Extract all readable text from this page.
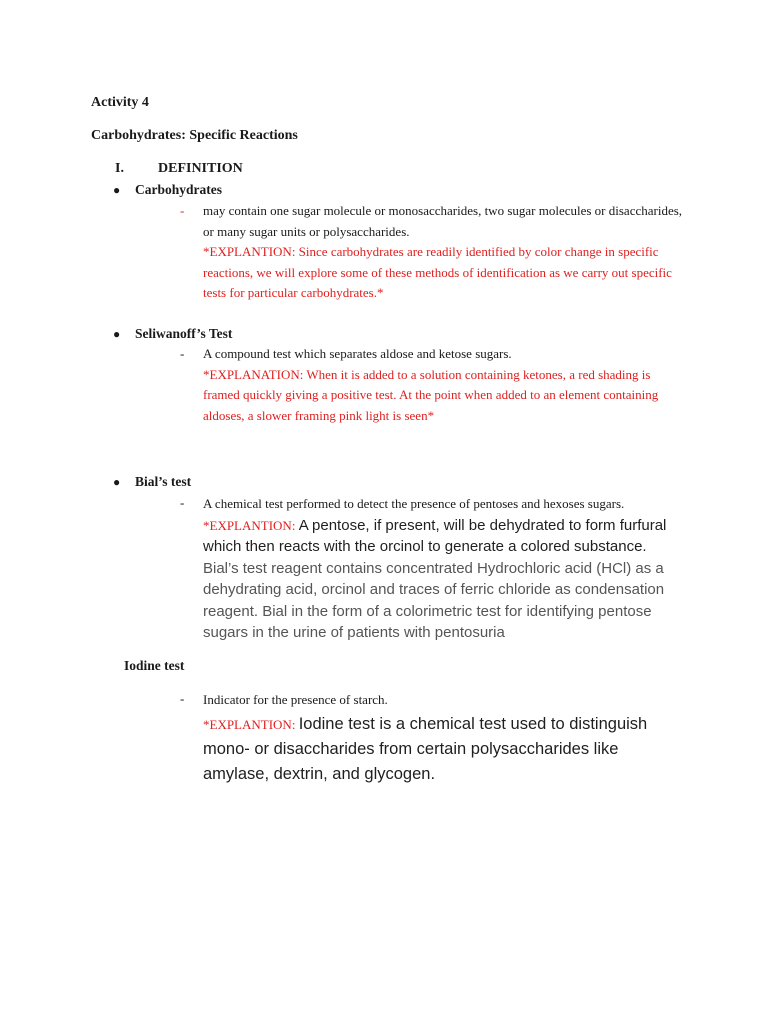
Activity 4
Carbohydrates: Specific Reactions
I. DEFINITION
● Carbohydrates
- may contain one sugar molecule or monosaccharides, two sugar molecules or disaccharides, or many sugar units or polysaccharides.
*EXPLANTION: Since carbohydrates are readily identified by color change in specific reactions, we will explore some of these methods of identification as we carry out specific tests for particular carbohydrates.*
● Seliwanoff’s Test
- A compound test which separates aldose and ketose sugars.
*EXPLANATION: When it is added to a solution containing ketones, a red shading is framed quickly giving a positive test. At the point when added to an element containing aldoses, a slower framing pink light is seen*
● Bial’s test
- A chemical test performed to detect the presence of pentoses and hexoses sugars. *EXPLANTION: A pentose, if present, will be dehydrated to form furfural which then reacts with the orcinol to generate a colored substance. Bial’s test reagent contains concentrated Hydrochloric acid (HCl) as a dehydrating acid, orcinol and traces of ferric chloride as condensation reagent. Bial in the form of a colorimetric test for identifying pentose sugars in the urine of patients with pentosuria
Iodine test
- Indicator for the presence of starch.
*EXPLANTION: Iodine test is a chemical test used to distinguish mono- or disaccharides from certain polysaccharides like amylase, dextrin, and glycogen.
